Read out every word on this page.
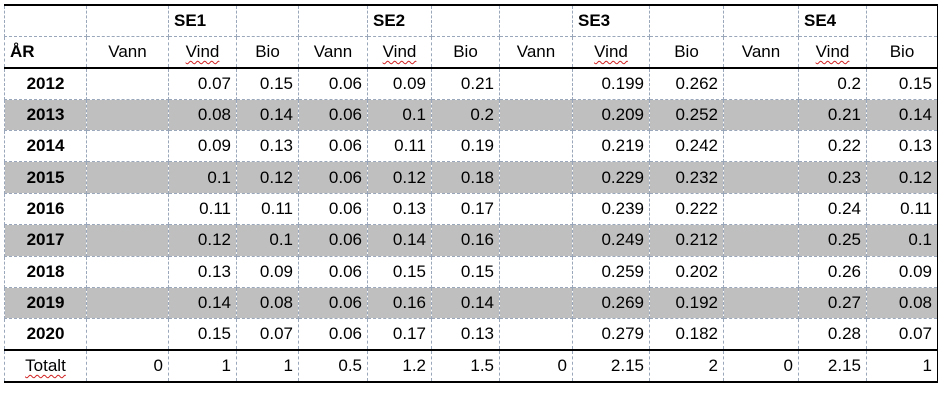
		SE1			SE2			SE3			SE4	
ÅR	Vann	Vind	Bio	Vann	Vind	Bio	Vann	Vind	Bio	Vann	Vind	Bio
2012		0.07	0.15	0.06	0.09	0.21		0.199	0.262		0.2	0.15
2013		0.08	0.14	0.06	0.1	0.2		0.209	0.252		0.21	0.14
2014		0.09	0.13	0.06	0.11	0.19		0.219	0.242		0.22	0.13
2015		0.1	0.12	0.06	0.12	0.18		0.229	0.232		0.23	0.12
2016		0.11	0.11	0.06	0.13	0.17		0.239	0.222		0.24	0.11
2017		0.12	0.1	0.06	0.14	0.16		0.249	0.212		0.25	0.1
2018		0.13	0.09	0.06	0.15	0.15		0.259	0.202		0.26	0.09
2019		0.14	0.08	0.06	0.16	0.14		0.269	0.192		0.27	0.08
2020		0.15	0.07	0.06	0.17	0.13		0.279	0.182		0.28	0.07
Totalt	0	1	1	0.5	1.2	1.5	0	2.15	2	0	2.15	1
